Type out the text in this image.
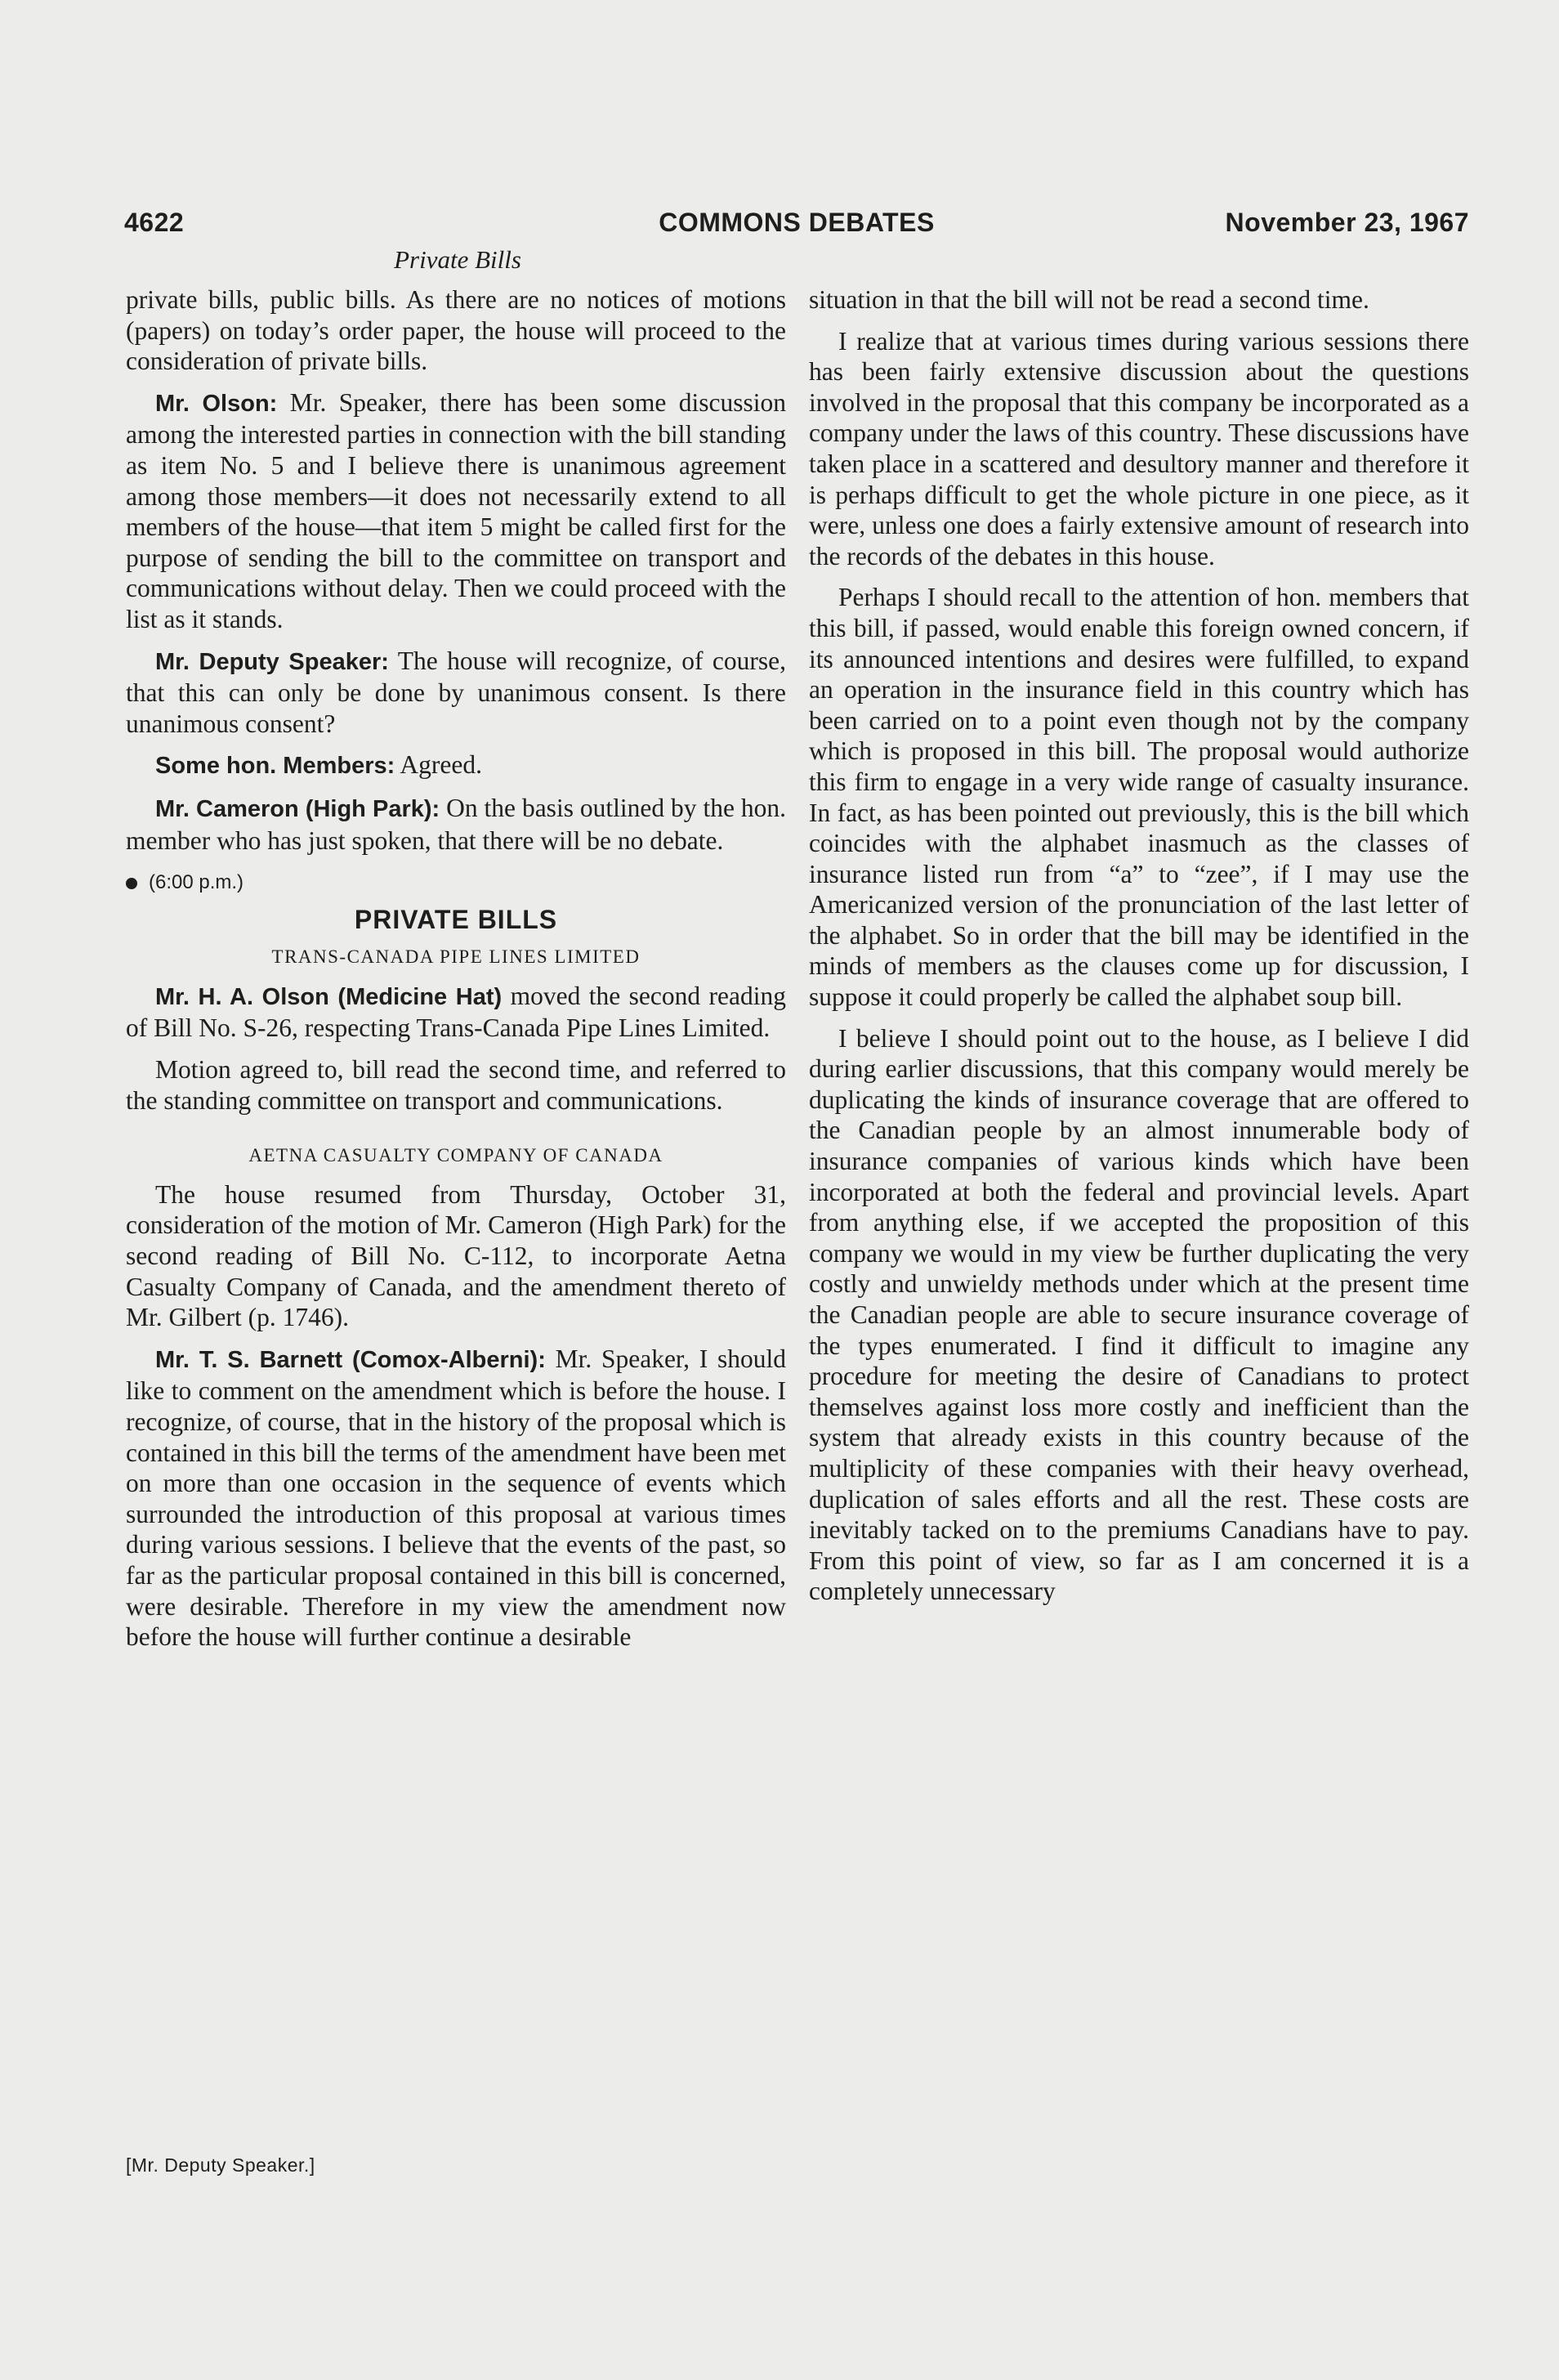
4622	COMMONS DEBATES	November 23, 1967
Private Bills

private bills, public bills. As there are no notices of motions (papers) on today’s order paper, the house will proceed to the consideration of private bills.

Mr. Olson: Mr. Speaker, there has been some discussion among the interested parties in connection with the bill standing as item No. 5 and I believe there is unanimous agreement among those members—it does not necessarily extend to all members of the house—that item 5 might be called first for the purpose of sending the bill to the committee on transport and communications without delay. Then we could proceed with the list as it stands.

Mr. Deputy Speaker: The house will recognize, of course, that this can only be done by unanimous consent. Is there unanimous consent?

Some hon. Members: Agreed.

Mr. Cameron (High Park): On the basis outlined by the hon. member who has just spoken, that there will be no debate.

(6:00 p.m.)
PRIVATE BILLS
TRANS-CANADA PIPE LINES LIMITED

Mr. H. A. Olson (Medicine Hat) moved the second reading of Bill No. S-26, respecting Trans-Canada Pipe Lines Limited.

Motion agreed to, bill read the second time, and referred to the standing committee on transport and communications.

AETNA CASUALTY COMPANY OF CANADA

The house resumed from Thursday, October 31, consideration of the motion of Mr. Cameron (High Park) for the second reading of Bill No. C-112, to incorporate Aetna Casualty Company of Canada, and the amendment thereto of Mr. Gilbert (p. 1746).

Mr. T. S. Barnett (Comox-Alberni): Mr. Speaker, I should like to comment on the amendment which is before the house. I recognize, of course, that in the history of the proposal which is contained in this bill the terms of the amendment have been met on more than one occasion in the sequence of events which surrounded the introduction of this proposal at various times during various sessions. I believe that the events of the past, so far as the particular proposal contained in this bill is concerned, were desirable. Therefore in my view the amendment now before the house will further continue a desirable

situation in that the bill will not be read a second time.

I realize that at various times during various sessions there has been fairly extensive discussion about the questions involved in the proposal that this company be incorporated as a company under the laws of this country. These discussions have taken place in a scattered and desultory manner and therefore it is perhaps difficult to get the whole picture in one piece, as it were, unless one does a fairly extensive amount of research into the records of the debates in this house.

Perhaps I should recall to the attention of hon. members that this bill, if passed, would enable this foreign owned concern, if its announced intentions and desires were fulfilled, to expand an operation in the insurance field in this country which has been carried on to a point even though not by the company which is proposed in this bill. The proposal would authorize this firm to engage in a very wide range of casualty insurance. In fact, as has been pointed out previously, this is the bill which coincides with the alphabet inasmuch as the classes of insurance listed run from “a” to “zee”, if I may use the Americanized version of the pronunciation of the last letter of the alphabet. So in order that the bill may be identified in the minds of members as the clauses come up for discussion, I suppose it could properly be called the alphabet soup bill.

I believe I should point out to the house, as I believe I did during earlier discussions, that this company would merely be duplicating the kinds of insurance coverage that are offered to the Canadian people by an almost innumerable body of insurance companies of various kinds which have been incorporated at both the federal and provincial levels. Apart from anything else, if we accepted the proposition of this company we would in my view be further duplicating the very costly and unwieldy methods under which at the present time the Canadian people are able to secure insurance coverage of the types enumerated. I find it difficult to imagine any procedure for meeting the desire of Canadians to protect themselves against loss more costly and inefficient than the system that already exists in this country because of the multiplicity of these companies with their heavy overhead, duplication of sales efforts and all the rest. These costs are inevitably tacked on to the premiums Canadians have to pay. From this point of view, so far as I am concerned it is a completely unnecessary

[Mr. Deputy Speaker.]
